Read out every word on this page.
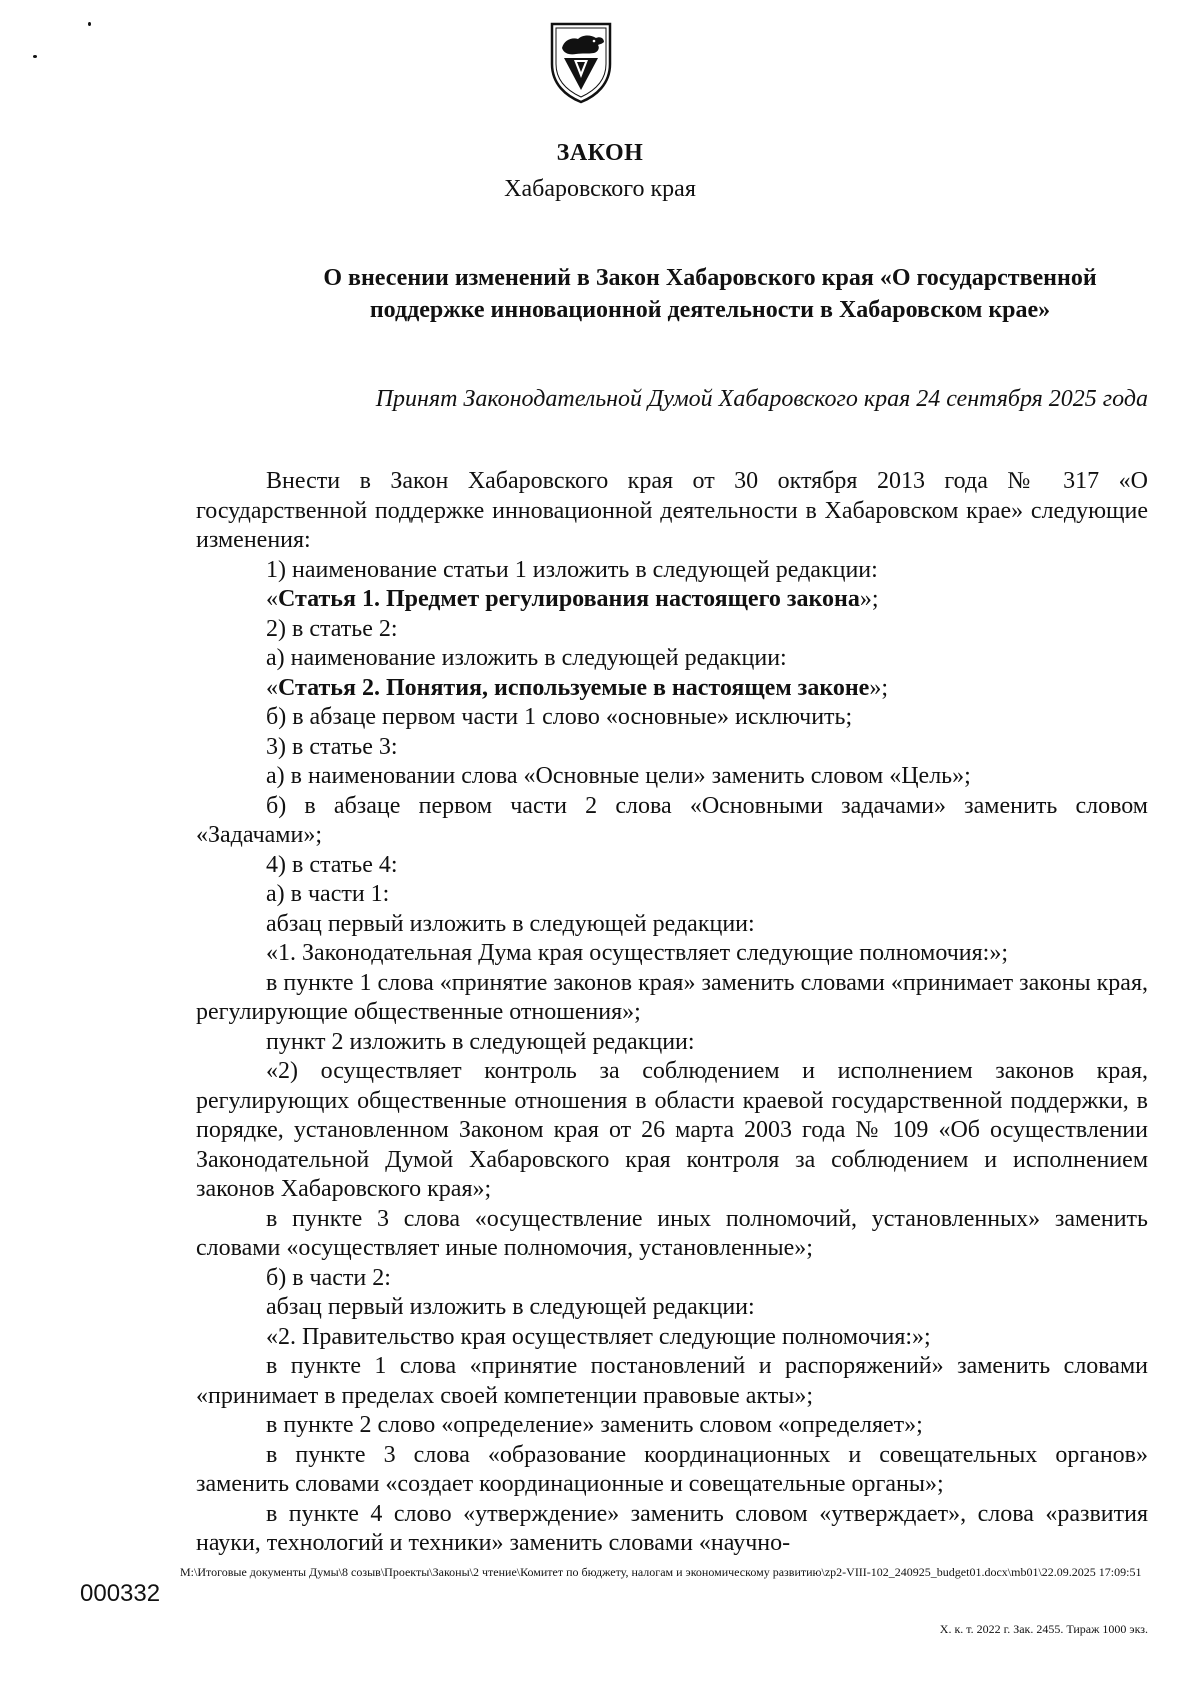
ЗАКОН
Хабаровского края
О внесении изменений в Закон Хабаровского края «О государственной
поддержке инновационной деятельности в Хабаровском крае»
Принят Законодательной Думой Хабаровского края 24 сентября 2025 года

Внести в Закон Хабаровского края от 30 октября 2013 года № 317 «О государственной поддержке инновационной деятельности в Хабаровском крае» следующие изменения:

1) наименование статьи 1 изложить в следующей редакции:

«Статья 1. Предмет регулирования настоящего закона»;

2) в статье 2:

а) наименование изложить в следующей редакции:

«Статья 2. Понятия, используемые в настоящем законе»;

б) в абзаце первом части 1 слово «основные» исключить;

3) в статье 3:

а) в наименовании слова «Основные цели» заменить словом «Цель»;

б) в абзаце первом части 2 слова «Основными задачами» заменить словом «Задачами»;

4) в статье 4:

а) в части 1:

абзац первый изложить в следующей редакции:

«1. Законодательная Дума края осуществляет следующие полномочия:»;

в пункте 1 слова «принятие законов края» заменить словами «принимает законы края, регулирующие общественные отношения»;

пункт 2 изложить в следующей редакции:

«2) осуществляет контроль за соблюдением и исполнением законов края, регулирующих общественные отношения в области краевой государственной поддержки, в порядке, установленном Законом края от 26 марта 2003 года № 109 «Об осуществлении Законодательной Думой Хабаровского края контроля за соблюдением и исполнением законов Хабаровского края»;

в пункте 3 слова «осуществление иных полномочий, установленных» заменить словами «осуществляет иные полномочия, установленные»;

б) в части 2:

абзац первый изложить в следующей редакции:

«2. Правительство края осуществляет следующие полномочия:»;

в пункте 1 слова «принятие постановлений и распоряжений» заменить словами «принимает в пределах своей компетенции правовые акты»;

в пункте 2 слово «определение» заменить словом «определяет»;

в пункте 3 слова «образование координационных и совещательных органов» заменить словами «создает координационные и совещательные органы»;

в пункте 4 слово «утверждение» заменить словом «утверждает», слова «развития науки, технологий и техники» заменить словами «научно-

M:\Итоговые документы Думы\8 созыв\Проекты\Законы\2 чтение\Комитет по бюджету, налогам и экономическому развитию\zp2-VIII-102_240925_budget01.docx\mb01\22.09.2025 17:09:51
000332
Х. к. т. 2022 г. Зак. 2455. Тираж 1000 экз.
